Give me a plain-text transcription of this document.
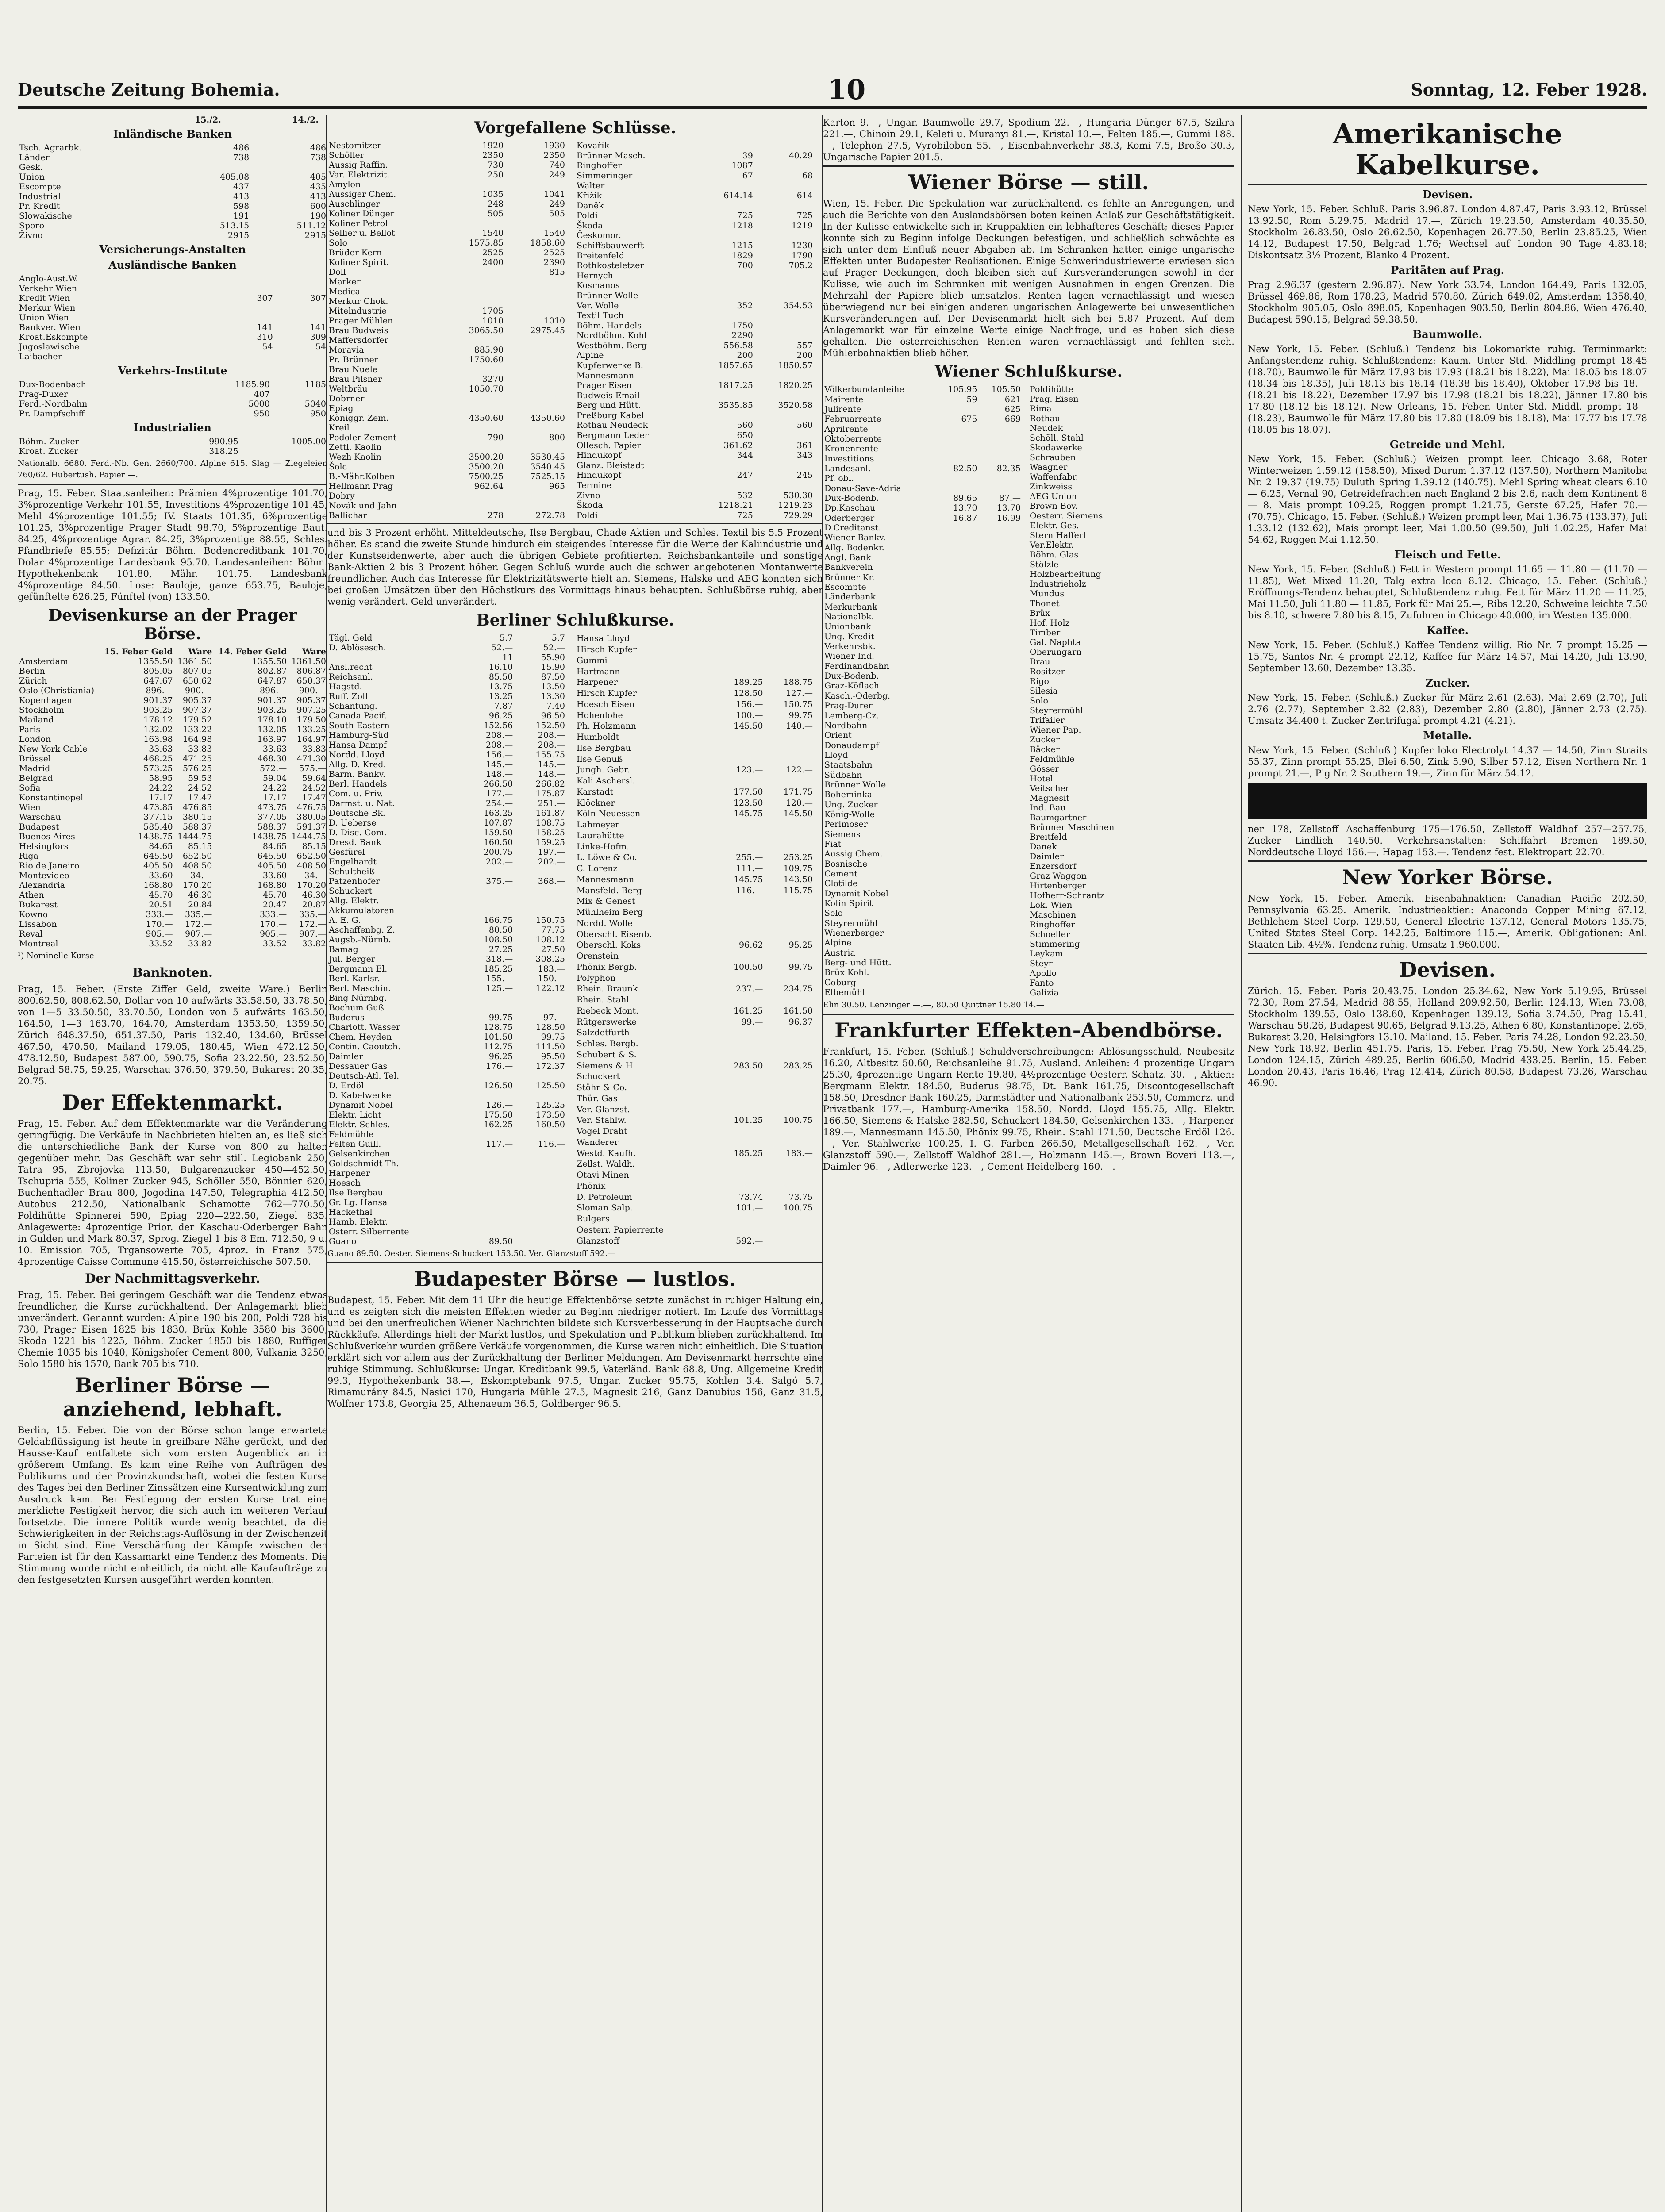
Deutsche Zeitung Bohemia.	10	Sonntag, 12. Feber 1928.
15./2.	14./2.
Inländische Banken
Tsch. Agrarbk.	486	486
Länder	738	738
Gesk.		
Union	405.08	405
Escompte	437	435
Industrial	413	413
Pr. Kredit	598	600
Slowakische	191	190
Sporo	513.15	511.12
Živno	2915	2915
Versicherungs-Anstalten
Ausländische Banken
Anglo-Aust.W.		
Verkehr Wien		
Kredit Wien	307	307
Merkur Wien		
Union Wien		
Bankver. Wien	141	141
Kroat.Eskompte	310	309
Jugoslawische	54	54
Laibacher		
Verkehrs-Institute
Dux-Bodenbach	1185.90	1185
Prag-Duxer	407	
Ferd.-Nordbahn	5000	5040
Pr. Dampfschiff	950	950
Industrialien
Böhm. Zucker	990.95	1005.00
Kroat. Zucker	318.25	
Nationalb. 6680. Ferd.-Nb. Gen. 2660/700. Alpine 615. Slag — Ziegeleien 760/62. Hubertush. Papier —.
Prag, 15. Feber. Staatsanleihen: Prämien 4%prozentige 101.70, 3%prozentige Verkehr 101.55, Investitions 4%prozentige 101.45, Mehl 4%prozentige 101.55; IV. Staats 101.35, 6%prozentige 101.25, 3%prozentige Prager Stadt 98.70, 5%prozentige Baut. 84.25, 4%prozentige Agrar. 84.25, 3%prozentige 88.55, Schles. Pfandbriefe 85.55; Defizitär Böhm. Bodencreditbank 101.70, Dolar 4%prozentige Landesbank 95.70. Landesanleihen: Böhm. Hypothekenbank 101.80, Mähr. 101.75. Landesbank 4%prozentige 84.50. Lose: Bauloje, ganze 653.75, Bauloje, gefünftelte 626.25, Fünftel (von) 133.50.
Devisenkurse an der Prager Börse.
	15. Feber Geld	Ware	14. Feber Geld	Ware
Amsterdam	1355.50	1361.50	1355.50	1361.50
Berlin	805.05	807.05	802.87	806.87
Zürich	647.67	650.62	647.87	650.37
Oslo (Christiania)	896.—	900.—	896.—	900.—
Kopenhagen	901.37	905.37	901.37	905.37
Stockholm	903.25	907.37	903.25	907.25
Mailand	178.12	179.52	178.10	179.50
Paris	132.02	133.22	132.05	133.25
London	163.98	164.98	163.97	164.97
New York Cable	33.63	33.83	33.63	33.83
Brüssel	468.25	471.25	468.30	471.30
Madrid	573.25	576.25	572.—	575.—
Belgrad	58.95	59.53	59.04	59.64
Sofia	24.22	24.52	24.22	24.52
Konstantinopel	17.17	17.47	17.17	17.47
Wien	473.85	476.85	473.75	476.75
Warschau	377.15	380.15	377.05	380.05
Budapest	585.40	588.37	588.37	591.37
Buenos Aires	1438.75	1444.75	1438.75	1444.75
Helsingfors	84.65	85.15	84.65	85.15
Riga	645.50	652.50	645.50	652.50
Rio de Janeiro	405.50	408.50	405.50	408.50
Montevideo	33.60	34.—	33.60	34.—
Alexandria	168.80	170.20	168.80	170.20
Athen	45.70	46.30	45.70	46.30
Bukarest	20.51	20.84	20.47	20.87
Kowno	333.—	335.—	333.—	335.—
Lissabon	170.—	172.—	170.—	172.—
Reval	905.—	907.—	905.—	907.—
Montreal	33.52	33.82	33.52	33.82
¹) Nominelle Kurse
Banknoten.
Prag, 15. Feber. (Erste Ziffer Geld, zweite Ware.) Berlin 800.62.50, 808.62.50, Dollar von 10 aufwärts 33.58.50, 33.78.50, von 1—5 33.50.50, 33.70.50, London von 5 aufwärts 163.50, 164.50, 1—3 163.70, 164.70, Amsterdam 1353.50, 1359.50, Zürich 648.37.50, 651.37.50, Paris 132.40, 134.60, Brüssel 467.50, 470.50, Mailand 179.05, 180.45, Wien 472.12.50, 478.12.50, Budapest 587.00, 590.75, Sofia 23.22.50, 23.52.50, Belgrad 58.75, 59.25, Warschau 376.50, 379.50, Bukarest 20.35, 20.75.
Der Effektenmarkt.
Prag, 15. Feber. Auf dem Effektenmarkte war die Veränderung geringfügig. Die Verkäufe in Nachbrieten hielten an, es ließ sich die unterschiedliche Bank der Kurse von 800 zu halten gegenüber mehr. Das Geschäft war sehr still. Legiobank 250, Tatra 95, Zbrojovka 113.50, Bulgarenzucker 450—452.50, Tschupria 555, Koliner Zucker 945, Schöller 550, Bönnier 620, Buchenhadler Brau 800, Jogodina 147.50, Telegraphia 412.50, Autobus 212.50, Nationalbank Schamotte 762—770.50, Poldihütte Spinnerei 590, Epiag 220—222.50, Ziegel 835. Anlagewerte: 4prozentige Prior. der Kaschau-Oderberger Bahn in Gulden und Mark 80.37, Sprog. Ziegel 1 bis 8 Em. 712.50, 9 u. 10. Emission 705, Trgansowerte 705, 4proz. in Franz 575, 4prozentige Caisse Commune 415.50, österreichische 507.50.
Der Nachmittagsverkehr.
Prag, 15. Feber. Bei geringem Geschäft war die Tendenz etwas freundlicher, die Kurse zurückhaltend. Der Anlagemarkt blieb unverändert. Genannt wurden: Alpine 190 bis 200, Poldi 728 bis 730, Prager Eisen 1825 bis 1830, Brüx Kohle 3580 bis 3600, Skoda 1221 bis 1225, Böhm. Zucker 1850 bis 1880, Ruffiger Chemie 1035 bis 1040, Königshofer Cement 800, Vulkania 3250, Solo 1580 bis 1570, Bank 705 bis 710.
Berliner Börse — anziehend, lebhaft.
Berlin, 15. Feber. Die von der Börse schon lange erwartete Geldabflüssigung ist heute in greifbare Nähe gerückt, und der Hausse-Kauf entfaltete sich vom ersten Augenblick an in größerem Umfang. Es kam eine Reihe von Aufträgen des Publikums und der Provinzkundschaft, wobei die festen Kurse des Tages bei den Berliner Zinssätzen eine Kursentwicklung zum Ausdruck kam. Bei Festlegung der ersten Kurse trat eine merkliche Festigkeit hervor, die sich auch im weiteren Verlauf fortsetzte. Die innere Politik wurde wenig beachtet, da die Schwierigkeiten in der Reichstags-Auflösung in der Zwischenzeit in Sicht sind. Eine Verschärfung der Kämpfe zwischen den Parteien ist für den Kassamarkt eine Tendenz des Moments. Die Stimmung wurde nicht einheitlich, da nicht alle Kaufaufträge zu den festgesetzten Kursen ausgeführt werden konnten.
Vorgefallene Schlüsse.
Nestomitzer	1920	1930
Schöller	2350	2350
Aussig Raffin.	730	740
Var. Elektrizit.	250	249
Amylon		
Aussiger Chem.	1035	1041
Auschlinger	248	249
Koliner Dünger	505	505
Koliner Petrol		
Sellier u. Bellot	1540	1540
Solo	1575.85	1858.60
Brüder Kern	2525	2525
Koliner Spirit.	2400	2390
Doll		815
Marker		
Medica		
Merkur Chok.		
Mitelndustrie	1705	
Prager Mühlen	1010	1010
Brau Budweis	3065.50	2975.45
Maffersdorfer		
Moravia	885.90	
Pr. Brünner	1750.60	
Brau Nuele		
Brau Pilsner	3270	
Weltbräu	1050.70	
Dobrner		
Epiag		
Königgr. Zem.	4350.60	4350.60
Kreil		
Podoler Zement	790	800
Zettl. Kaolin		
Wezh Kaolin	3500.20	3530.45
Šolc	3500.20	3540.45
B.-Mähr.Kolben	7500.25	7525.15
Hellmann Prag	962.64	965
Dobry		
Novák und Jahn		
Ballichar	278	272.78
Kovařík		
Brünner Masch.	39	40.29
Ringhoffer	1087	
Simmeringer	67	68
Walter		
Křižík	614.14	614
Daněk		
Poldi	725	725
Škoda	1218	1219
Českomor.		
Schiffsbauwerft	1215	1230
Breitenfeld	1829	1790
Rothkosteletzer	700	705.2
Hernych		
Kosmanos		
Brünner Wolle		
Ver. Wolle	352	354.53
Textil Tuch		
Böhm. Handels	1750	
Nordböhm. Kohl	2290	
Westböhm. Berg	556.58	557
Alpine	200	200
Kupferwerke B.	1857.65	1850.57
Mannesmann		
Prager Eisen	1817.25	1820.25
Budweis Email		
Berg und Hütt.	3535.85	3520.58
Preßburg Kabel		
Rothau Neudeck	560	560
Bergmann Leder	650	
Ollesch. Papier	361.62	361
Hindukopf	344	343
Glanz. Bleistadt		
Hindukopf	247	245
Termine		
Zivno	532	530.30
Škoda	1218.21	1219.23
Poldi	725	729.29
und bis 3 Prozent erhöht. Mitteldeutsche, Ilse Bergbau, Chade Aktien und Schles. Textil bis 5.5 Prozent höher. Es stand die zweite Stunde hindurch ein steigendes Interesse für die Werte der Kaliindustrie und der Kunstseidenwerte, aber auch die übrigen Gebiete profitierten. Reichsbankanteile und sonstige Bank-Aktien 2 bis 3 Prozent höher. Gegen Schluß wurde auch die schwer angebotenen Montanwerte freundlicher. Auch das Interesse für Elektrizitätswerte hielt an. Siemens, Halske und AEG konnten sich bei großen Umsätzen über den Höchstkurs des Vormittags hinaus behaupten. Schlußbörse ruhig, aber wenig verändert. Geld unverändert.
Berliner Schlußkurse.
Tägl. Geld	5.7	5.7
D. Ablösesch.	52.—	52.—
	11	55.90
Ansl.recht	16.10	15.90
Reichsanl.	85.50	87.50
Hagstd.	13.75	13.50
Ruff. Zoll	13.25	13.30
Schantung.	7.87	7.40
Canada Pacif.	96.25	96.50
South Eastern	152.56	152.50
Hamburg-Süd	208.—	208.—
Hansa Dampf	208.—	208.—
Nordd. Lloyd	156.—	155.75
Allg. D. Kred.	145.—	145.—
Barm. Bankv.	148.—	148.—
Berl. Handels	266.50	266.82
Com. u. Priv.	177.—	175.87
Darmst. u. Nat.	254.—	251.—
Deutsche Bk.	163.25	161.87
D. Ueberse	107.87	108.75
D. Disc.-Com.	159.50	158.25
Dresd. Bank	160.50	159.25
Gesfürel	200.75	197.—
Engelhardt	202.—	202.—
Schultheiß		
Patzenhofer	375.—	368.—
Schuckert		
Allg. Elektr.		
Akkumulatoren		
A. E. G.	166.75	150.75
Aschaffenbg. Z.	80.50	77.75
Augsb.-Nürnb.	108.50	108.12
Bamag	27.25	27.50
Jul. Berger	318.—	308.25
Bergmann El.	185.25	183.—
Berl. Karlsr.	155.—	150.—
Berl. Maschin.	125.—	122.12
Bing Nürnbg.		
Bochum Guß		
Buderus	99.75	97.—
Charlott. Wasser	128.75	128.50
Chem. Heyden	101.50	99.75
Contin. Caoutch.	112.75	111.50
Daimler	96.25	95.50
Dessauer Gas	176.—	172.37
Deutsch-Atl. Tel.		
D. Erdöl	126.50	125.50
D. Kabelwerke		
Dynamit Nobel	126.—	125.25
Elektr. Licht	175.50	173.50
Elektr. Schles.	162.25	160.50
Feldmühle		
Felten Guill.	117.—	116.—
Gelsenkirchen		
Goldschmidt Th.		
Harpener		
Hoesch		
Ilse Bergbau		
Gr. Lg. Hansa		
Hackethal		
Hamb. Elektr.		
Osterr. Silberrente		
Guano	89.50	
Hansa Lloyd		
Hirsch Kupfer		
Gummi		
Hartmann		
Harpener	189.25	188.75
Hirsch Kupfer	128.50	127.—
Hoesch Eisen	156.—	150.75
Hohenlohe	100.—	99.75
Ph. Holzmann	145.50	140.—
Humboldt		
Ilse Bergbau		
Ilse Genuß		
Jungh. Gebr.	123.—	122.—
Kali Aschersl.		
Karstadt	177.50	171.75
Klöckner	123.50	120.—
Köln-Neuessen	145.75	145.50
Lahmeyer		
Laurahütte		
Linke-Hofm.		
L. Löwe & Co.	255.—	253.25
C. Lorenz	111.—	109.75
Mannesmann	145.75	143.50
Mansfeld. Berg	116.—	115.75
Mix & Genest		
Mühlheim Berg		
Nordd. Wolle		
Oberschl. Eisenb.		
Oberschl. Koks	96.62	95.25
Orenstein		
Phönix Bergb.	100.50	99.75
Polyphon		
Rhein. Braunk.	237.—	234.75
Rhein. Stahl		
Riebeck Mont.	161.25	161.50
Rütgerswerke	99.—	96.37
Salzdetfurth		
Schles. Bergb.		
Schubert & S.		
Siemens & H.	283.50	283.25
Schuckert		
Stöhr & Co.		
Thür. Gas		
Ver. Glanzst.		
Ver. Stahlw.	101.25	100.75
Vogel Draht		
Wanderer		
Westd. Kaufh.	185.25	183.—
Zellst. Waldh.		
Otavi Minen		
Phönix		
D. Petroleum	73.74	73.75
Sloman Salp.	101.—	100.75
Rulgers		
Oesterr. Papierrente		
Glanzstoff	592.—	
Guano 89.50. Oester. Siemens-Schuckert 153.50. Ver. Glanzstoff 592.—
Budapester Börse — lustlos.
Budapest, 15. Feber. Mit dem 11 Uhr die heutige Effektenbörse setzte zunächst in ruhiger Haltung ein, und es zeigten sich die meisten Effekten wieder zu Beginn niedriger notiert. Im Laufe des Vormittags und bei den unerfreulichen Wiener Nachrichten bildete sich Kursverbesserung in der Hauptsache durch Rückkäufe. Allerdings hielt der Markt lustlos, und Spekulation und Publikum blieben zurückhaltend. Im Schlußverkehr wurden größere Verkäufe vorgenommen, die Kurse waren nicht einheitlich. Die Situation erklärt sich vor allem aus der Zurückhaltung der Berliner Meldungen. Am Devisenmarkt herrschte eine ruhige Stimmung. Schlußkurse: Ungar. Kreditbank 99.5, Vaterländ. Bank 68.8, Ung. Allgemeine Kredit 99.3, Hypothekenbank 38.—, Eskomptebank 97.5, Ungar. Zucker 95.75, Kohlen 3.4. Salgó 5.7, Rimamurány 84.5, Nasici 170, Hungaria Mühle 27.5, Magnesit 216, Ganz Danubius 156, Ganz 31.5, Wolfner 173.8, Georgia 25, Athenaeum 36.5, Goldberger 96.5.
Karton 9.—, Ungar. Baumwolle 29.7, Spodium 22.—, Hungaria Dünger 67.5, Szikra 221.—, Chinoin 29.1, Keleti u. Muranyi 81.—, Kristal 10.—, Felten 185.—, Gummi 188.—, Telephon 27.5, Vyrobilobon 55.—, Eisenbahnverkehr 38.3, Komi 7.5, Broßo 30.3, Ungarische Papier 201.5.
Wiener Börse — still.
Wien, 15. Feber. Die Spekulation war zurückhaltend, es fehlte an Anregungen, und auch die Berichte von den Auslandsbörsen boten keinen Anlaß zur Geschäftstätigkeit. In der Kulisse entwickelte sich in Kruppaktien ein lebhafteres Geschäft; dieses Papier konnte sich zu Beginn infolge Deckungen befestigen, und schließlich schwächte es sich unter dem Einfluß neuer Abgaben ab. Im Schranken hatten einige ungarische Effekten unter Budapester Realisationen. Einige Schwerindustriewerte erwiesen sich auf Prager Deckungen, doch bleiben sich auf Kursveränderungen sowohl in der Kulisse, wie auch im Schranken mit wenigen Ausnahmen in engen Grenzen. Die Mehrzahl der Papiere blieb umsatzlos. Renten lagen vernachlässigt und wiesen überwiegend nur bei einigen anderen ungarischen Anlagewerte bei unwesentlichen Kursveränderungen auf. Der Devisenmarkt hielt sich bei 5.87 Prozent. Auf dem Anlagemarkt war für einzelne Werte einige Nachfrage, und es haben sich diese gehalten. Die österreichischen Renten waren vernachlässigt und fehlten sich. Mühlerbahnaktien blieb höher.
Wiener Schlußkurse.
Völkerbundanleihe	105.95	105.50
Mairente	59	621
Julirente		625
Februarrente	675	669
Aprilrente		
Oktoberrente		
Kronenrente		
Investitions		
Landesanl.	82.50	82.35
Pf. obl.		
Donau-Save-Adria		
Dux-Bodenb.	89.65	87.—
Dp.Kaschau	13.70	13.70
Oderberger	16.87	16.99
D.Creditanst.		
Wiener Bankv.		
Allg. Bodenkr.		
Angl. Bank		
Bankverein		
Brünner Kr.		
Escompte		
Länderbank		
Merkurbank		
Nationalbk.		
Unionbank		
Ung. Kredit		
Verkehrsbk.		
Wiener Ind.		
Ferdinandbahn		
Dux-Bodenb.		
Graz-Köflach		
Kasch.-Oderbg.		
Prag-Durer		
Lemberg-Cz.		
Nordbahn		
Orient		
Donaudampf		
Lloyd		
Staatsbahn		
Südbahn		
Brünner Wolle		
Boheminka		
Ung. Zucker		
König-Wolle		
Perlmoser		
Siemens		
Fiat		
Aussig Chem.		
Bosnische		
Cement		
Clotilde		
Dynamit Nobel		
Kolin Spirit		
Solo		
Steyrermühl		
Wienerberger		
Alpine		
Austria		
Berg- und Hütt.		
Brüx Kohl.		
Coburg		
Elbemühl		
Poldihütte		
Prag. Eisen		
Rima		
Rothau		
Neudek		
Schöll. Stahl		
Skodawerke		
Schrauben		
Waagner		
Waffenfabr.		
Zinkweiss		
AEG Union		
Brown Bov.		
Oesterr. Siemens		
Elektr. Ges.		
Stern Hafferl		
Ver.Elektr.		
Böhm. Glas		
Stölzle		
Holzbearbeitung		
Industrieholz		
Mundus		
Thonet		
Brüx		
Hof. Holz		
Timber		
Gal. Naphta		
Oberungarn		
Brau		
Rositzer		
Rigo		
Silesia		
Solo		
Steyrermühl		
Trifailer		
Wiener Pap.		
Zucker		
Bäcker		
Feldmühle		
Gösser		
Hotel		
Veitscher		
Magnesit		
Ind. Bau		
Baumgartner		
Brünner Maschinen		
Breitfeld		
Danek		
Daimler		
Enzersdorf		
Graz Waggon		
Hirtenberger		
Hofherr-Schrantz		
Lok. Wien		
Maschinen		
Ringhoffer		
Schoeller		
Stimmering		
Leykam		
Steyr		
Apollo		
Fanto		
Galizia		
Elin 30.50. Lenzinger —.—, 80.50 Quittner 15.80 14.—
Frankfurter Effekten-Abendbörse.
Frankfurt, 15. Feber. (Schluß.) Schuldverschreibungen: Ablösungsschuld, Neubesitz 16.20, Altbesitz 50.60, Reichsanleihe 91.75, Ausland. Anleihen: 4 prozentige Ungarn 25.30, 4prozentige Ungarn Rente 19.80, 4½prozentige Oesterr. Schatz. 30.—, Aktien: Bergmann Elektr. 184.50, Buderus 98.75, Dt. Bank 161.75, Discontogesellschaft 158.50, Dresdner Bank 160.25, Darmstädter und Nationalbank 253.50, Commerz. und Privatbank 177.—, Hamburg-Amerika 158.50, Nordd. Lloyd 155.75, Allg. Elektr. 166.50, Siemens & Halske 282.50, Schuckert 184.50, Gelsenkirchen 133.—, Harpener 189.—, Mannesmann 145.50, Phönix 99.75, Rhein. Stahl 171.50, Deutsche Erdöl 126.—, Ver. Stahlwerke 100.25, I. G. Farben 266.50, Metallgesellschaft 162.—, Ver. Glanzstoff 590.—, Zellstoff Waldhof 281.—, Holzmann 145.—, Brown Boveri 113.—, Daimler 96.—, Adlerwerke 123.—, Cement Heidelberg 160.—.
Amerikanische Kabelkurse.
Devisen.
New York, 15. Feber. Schluß. Paris 3.96.87. London 4.87.47, Paris 3.93.12, Brüssel 13.92.50, Rom 5.29.75, Madrid 17.—, Zürich 19.23.50, Amsterdam 40.35.50, Stockholm 26.83.50, Oslo 26.62.50, Kopenhagen 26.77.50, Berlin 23.85.25, Wien 14.12, Budapest 17.50, Belgrad 1.76; Wechsel auf London 90 Tage 4.83.18; Diskontsatz 3½ Prozent, Blanko 4 Prozent.
Paritäten auf Prag.
Prag 2.96.37 (gestern 2.96.87). New York 33.74, London 164.49, Paris 132.05, Brüssel 469.86, Rom 178.23, Madrid 570.80, Zürich 649.02, Amsterdam 1358.40, Stockholm 905.05, Oslo 898.05, Kopenhagen 903.50, Berlin 804.86, Wien 476.40, Budapest 590.15, Belgrad 59.38.50.
Baumwolle.
New York, 15. Feber. (Schluß.) Tendenz bis Lokomarkte ruhig. Terminmarkt: Anfangstendenz ruhig. Schlußtendenz: Kaum. Unter Std. Middling prompt 18.45 (18.70), Baumwolle für März 17.93 bis 17.93 (18.21 bis 18.22), Mai 18.05 bis 18.07 (18.34 bis 18.35), Juli 18.13 bis 18.14 (18.38 bis 18.40), Oktober 17.98 bis 18.— (18.21 bis 18.22), Dezember 17.97 bis 17.98 (18.21 bis 18.22), Jänner 17.80 bis 17.80 (18.12 bis 18.12). New Orleans, 15. Feber. Unter Std. Middl. prompt 18— (18.23), Baumwolle für März 17.80 bis 17.80 (18.09 bis 18.18), Mai 17.77 bis 17.78 (18.05 bis 18.07).
Getreide und Mehl.
New York, 15. Feber. (Schluß.) Weizen prompt leer. Chicago 3.68, Roter Winterweizen 1.59.12 (158.50), Mixed Durum 1.37.12 (137.50), Northern Manitoba Nr. 2 19.37 (19.75) Duluth Spring 1.39.12 (140.75). Mehl Spring wheat clears 6.10 — 6.25, Vernal 90, Getreidefrachten nach England 2 bis 2.6, nach dem Kontinent 8 — 8. Mais prompt 109.25, Roggen prompt 1.21.75, Gerste 67.25, Hafer 70.— (70.75). Chicago, 15. Feber. (Schluß.) Weizen prompt leer, Mai 1.36.75 (133.37), Juli 1.33.12 (132.62), Mais prompt leer, Mai 1.00.50 (99.50), Juli 1.02.25, Hafer Mai 54.62, Roggen Mai 1.12.50.
Fleisch und Fette.
New York, 15. Feber. (Schluß.) Fett in Western prompt 11.65 — 11.80 — (11.70 — 11.85), Wet Mixed 11.20, Talg extra loco 8.12. Chicago, 15. Feber. (Schluß.) Eröffnungs-Tendenz behauptet, Schlußtendenz ruhig. Fett für März 11.20 — 11.25, Mai 11.50, Juli 11.80 — 11.85, Pork für Mai 25.—, Ribs 12.20, Schweine leichte 7.50 bis 8.10, schwere 7.80 bis 8.15, Zufuhren in Chicago 40.000, im Westen 135.000.
Kaffee.
New York, 15. Feber. (Schluß.) Kaffee Tendenz willig. Rio Nr. 7 prompt 15.25 — 15.75, Santos Nr. 4 prompt 22.12, Kaffee für März 14.57, Mai 14.20, Juli 13.90, September 13.60, Dezember 13.35.
Zucker.
New York, 15. Feber. (Schluß.) Zucker für März 2.61 (2.63), Mai 2.69 (2.70), Juli 2.76 (2.77), September 2.82 (2.83), Dezember 2.80 (2.80), Jänner 2.73 (2.75). Umsatz 34.400 t. Zucker Zentrifugal prompt 4.21 (4.21).
Metalle.
New York, 15. Feber. (Schluß.) Kupfer loko Electrolyt 14.37 — 14.50, Zinn Straits 55.37, Zinn prompt 55.25, Blei 6.50, Zink 5.90, Silber 57.12, Eisen Northern Nr. 1 prompt 21.—, Pig Nr. 2 Southern 19.—, Zinn für März 54.12.
ner 178, Zellstoff Aschaffenburg 175—176.50, Zellstoff Waldhof 257—257.75, Zucker Lindlich 140.50. Verkehrsanstalten: Schiffahrt Bremen 189.50, Norddeutsche Lloyd 156.—, Hapag 153.—. Tendenz fest. Elektropart 22.70.
New Yorker Börse.
New York, 15. Feber. Amerik. Eisenbahnaktien: Canadian Pacific 202.50, Pennsylvania 63.25. Amerik. Industrieaktien: Anaconda Copper Mining 67.12, Bethlehem Steel Corp. 129.50, General Electric 137.12, General Motors 135.75, United States Steel Corp. 142.25, Baltimore 115.—, Amerik. Obligationen: Anl. Staaten Lib. 4½%. Tendenz ruhig. Umsatz 1.960.000.
Devisen.
Zürich, 15. Feber. Paris 20.43.75, London 25.34.62, New York 5.19.95, Brüssel 72.30, Rom 27.54, Madrid 88.55, Holland 209.92.50, Berlin 124.13, Wien 73.08, Stockholm 139.55, Oslo 138.60, Kopenhagen 139.13, Sofia 3.74.50, Prag 15.41, Warschau 58.26, Budapest 90.65, Belgrad 9.13.25, Athen 6.80, Konstantinopel 2.65, Bukarest 3.20, Helsingfors 13.10. Mailand, 15. Feber. Paris 74.28, London 92.23.50, New York 18.92, Berlin 451.75. Paris, 15. Feber. Prag 75.50, New York 25.44.25, London 124.15, Zürich 489.25, Berlin 606.50, Madrid 433.25. Berlin, 15. Feber. London 20.43, Paris 16.46, Prag 12.414, Zürich 80.58, Budapest 73.26, Warschau 46.90.
